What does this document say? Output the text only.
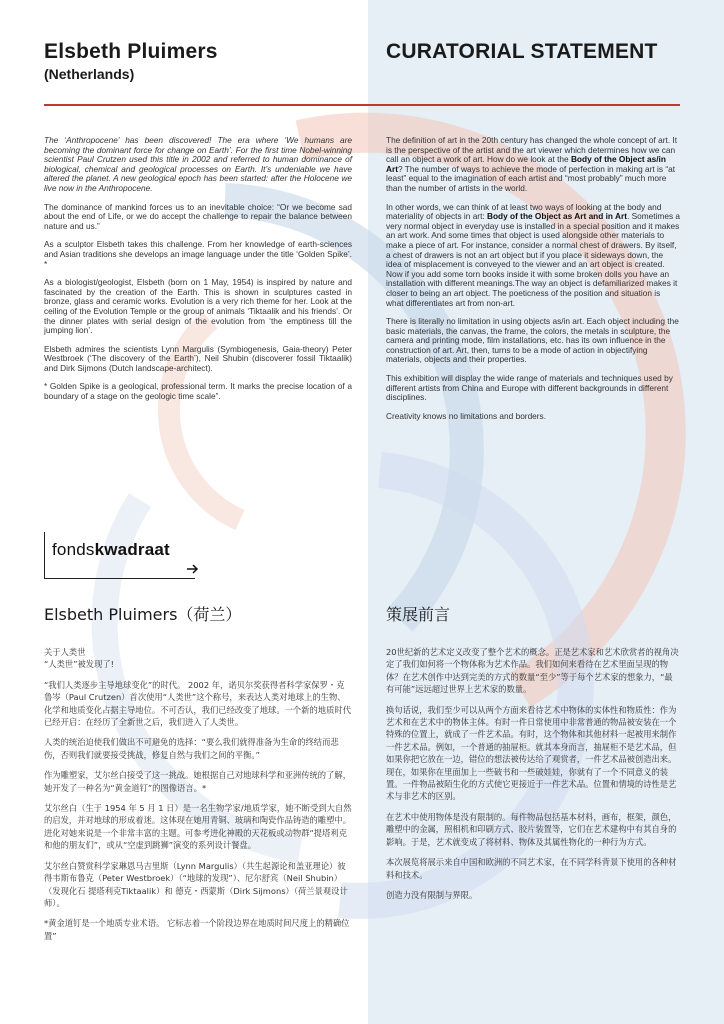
Elsbeth Pluimers
(Netherlands)
CURATORIAL STATEMENT

The ‘Anthropocene’ has been discovered! The era where ‘We humans are becoming the dominant force for change on Earth’. For the first time Nobel-winning scientist Paul Crutzen used this title in 2002 and referred to human dominance of biological, chemical and geological processes on Earth. It’s undeniable we have altered the planet. A new geological epoch has been started: after the Holocene we live now in the Anthropocene.

The dominance of mankind forces us to an inevitable choice: “Or we become sad about the end of Life, or we do accept the challenge to repair the balance between nature and us.”

As a sculptor Elsbeth takes this challenge. From her knowledge of earth-sciences and Asian traditions she develops an image language under the title ‘Golden Spike’. *

As a biologist/geologist, Elsbeth (born on 1 May, 1954) is inspired by nature and fascinated by the creation of the Earth. This is shown in sculptures casted in bronze, glass and ceramic works. Evolution is a very rich theme for her. Look at the ceiling of the Evolution Temple or the group of animals ‘Tiktaalik and his friends’. Or the dinner plates with serial design of the evolution from ‘the emptiness till the jumping lion’.

Elsbeth admires the scientists Lynn Margulis (Symbiogenesis, Gaia-theory) Peter Westbroek (‘The discovery of the Earth’), Neil Shubin (discoverer fossil Tiktaalik) and Dirk Sijmons (Dutch landscape-architect).

* Golden Spike is a geological, professional term. It marks the precise location of a boundary of a stage on the geologic time scale”.

The definition of art in the 20th century has changed the whole concept of art. It is the perspective of the artist and the art viewer which determines how we can call an object a work of art. How do we look at the Body of the Object as/in Art? The number of ways to achieve the mode of perfection in making art is “at least” equal to the imagination of each artist and “most probably” much more than the number of artists in the world.

In other words, we can think of at least two ways of looking at the body and materiality of objects in art: Body of the Object as Art and in Art. Sometimes a very normal object in everyday use is installed in a special position and it makes an art work. And some times that object is used alongside other materials to make a piece of art. For instance, consider a normal chest of drawers. By itself, a chest of drawers is not an art object but if you place it sideways down, the idea of misplacement is conveyed to the viewer and an art object is created. Now if you add some torn books inside it with some broken dolls you have an installation with different meanings.The way an object is defamiliarized makes it closer to being an art object. The poeticness of the position and situation is what differentiates art from non-art.

There is literally no limitation in using objects as/in art. Each object including the basic materials, the canvas, the frame, the colors, the metals in sculpture, the camera and printing mode, film installations, etc. has its own influence in the construction of art. Art, then, turns to be a mode of action in objectifying materials, objects and their properties.

This exhibition will display the wide range of materials and techniques used by different artists from China and Europe with different backgrounds in different disciplines.

Creativity knows no limitations and borders.

fondskwadraat
Elsbeth Pluimers（荷兰）	策展前言

关于人类世
“人类世”被发现了!

“我们人类逐步主导地球变化”的时代。 2002 年，诺贝尔奖获得者科学家保罗・克鲁岑（Paul Crutzen）首次使用“人类世”这个称号，来表达人类对地球上的生物、化学和地质变化占据主导地位。不可否认，我们已经改变了地球。一个新的地质时代已经开启：在经历了全新世之后，我们进入了人类世。

人类的统治迫使我们做出不可避免的选择：“要么我们就得准备为生命的终结而悲伤，否则我们就要接受挑战，修复自然与我们之间的平衡。”

作为雕塑家，艾尔丝白接受了这一挑战。她根据自己对地球科学和亚洲传统的了解，她开发了一种名为“黄金道钉”的图像语言。*

艾尔丝白（生于 1954 年 5 月 1 日）是一名生物学家/地质学家，她不断受到大自然的启发，并对地球的形成着迷。这体现在她用青铜、玻璃和陶瓷作品铸造的雕塑中。进化对她来说是一个非常丰富的主题。可参考进化神殿的天花板或动物群“提塔利克和他的朋友们”，或从“空虚到跳狮”演变的系列设计餐盘。

艾尔丝白赞赏科学家琳恩马吉里斯（Lynn Margulis）（共生起源论和盖亚理论）彼得韦斯布鲁克（Peter Westbroek）（“地球的发现”）、尼尔舒宾（Neil Shubin）（发现化石 提塔利克Tiktaalik）和 德克・西蒙斯（Dirk Sijmons）（荷兰景观设计师）。

*黄金道钉是一个地质专业术语。 它标志着一个阶段边界在地质时间尺度上的精确位置”

20世纪新的艺术定义改变了整个艺术的概念。正是艺术家和艺术欣赏者的视角决定了我们如何将一个物体称为艺术作品。我们如何来看待在艺术里面呈现的物体？在艺术创作中达到完美的方式的数量“至少”等于每个艺术家的想象力，“最有可能”远远超过世界上艺术家的数量。

换句话说，我们至少可以从两个方面来看待艺术中物体的实体性和物质性：作为艺术和在艺术中的物体主体。有时一件日常使用中非常普通的物品被安装在一个特殊的位置上，就成了一件艺术品。有时，这个物体和其他材料一起被用来制作一件艺术品。例如，一个普通的抽屉柜。就其本身而言，抽屉柜不是艺术品，但如果你把它放在一边，错位的想法被传达给了观赏者，一件艺术品被创造出来。现在，如果你在里面加上一些破书和一些破娃娃，你就有了一个不同意义的装置。一件物品被陌生化的方式使它更接近于一件艺术品。位置和情境的诗性是艺术与非艺术的区别。

在艺术中使用物体是没有限制的。每件物品包括基本材料，画布，框架，颜色，雕塑中的金属，照相机和印刷方式、胶片装置等，它们在艺术建构中有其自身的影响。于是，艺术就变成了将材料、物体及其属性物化的一种行为方式。

本次展览将展示来自中国和欧洲的不同艺术家，在不同学科背景下使用的各种材料和技术。

创造力没有限制与界限。
